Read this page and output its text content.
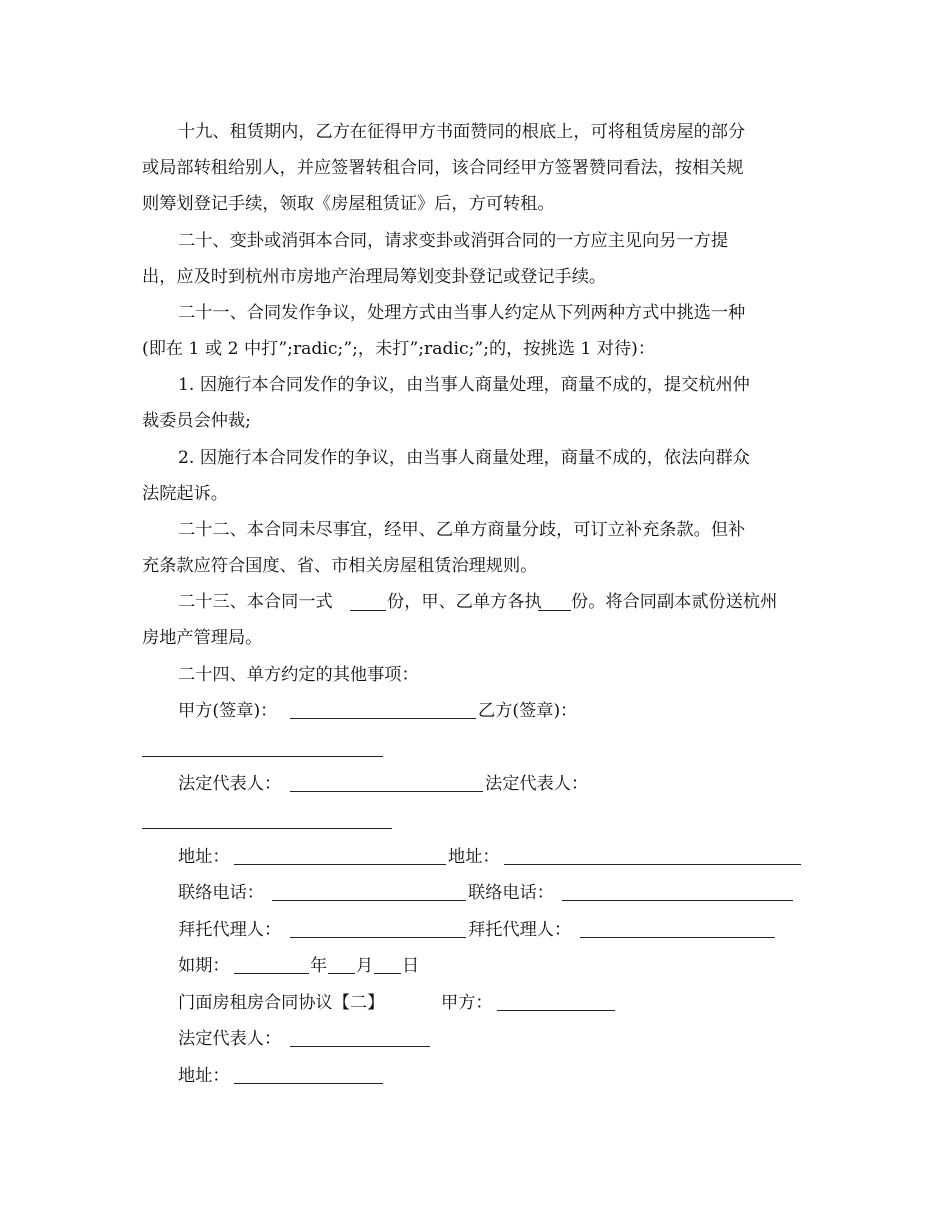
十九、租赁期内，乙方在征得甲方书面赞同的根底上，可将租赁房屋的部分
或局部转租给别人，并应签署转租合同，该合同经甲方签署赞同看法，按相关规
则筹划登记手续，领取《房屋租赁证》后，方可转租。
二十、变卦或消弭本合同，请求变卦或消弭合同的一方应主见向另一方提
出，应及时到杭州市房地产治理局筹划变卦登记或登记手续。
二十一、合同发作争议，处理方式由当事人约定从下列两种方式中挑选一种
(即在 1 或 2 中打”;radic;”;，未打”;radic;”;的，按挑选 1 对待)：
1. 因施行本合同发作的争议，由当事人商量处理，商量不成的，提交杭州仲
裁委员会仲裁;
2. 因施行本合同发作的争议，由当事人商量处理，商量不成的，依法向群众
法院起诉。
二十二、本合同未尽事宜，经甲、乙单方商量分歧，可订立补充条款。但补
充条款应符合国度、省、市相关房屋租赁治理规则。
二十三、本合同一式	份，甲、乙单方各执 份。将合同副本贰份送杭州
房地产管理局。
二十四、单方约定的其他事项：
甲方(签章)：	乙方(签章)：
法定代表人：	法定代表人：
地址：	地址：
联络电话：	联络电话：
拜托代理人：	拜托代理人：
如期：	年 月 日
门面房租房合同协议【二】	甲方：
法定代表人：
地址：
